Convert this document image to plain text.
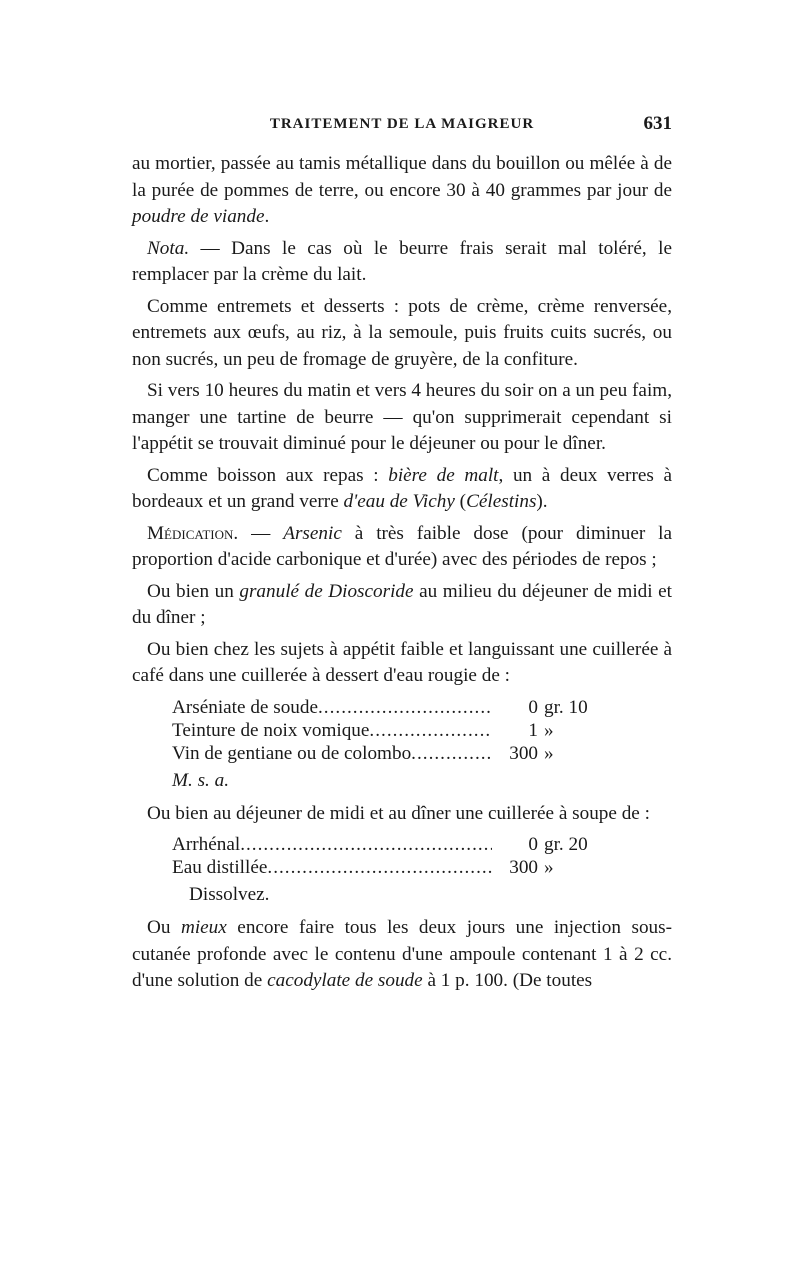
TRAITEMENT DE LA MAIGREUR	631

au mortier, passée au tamis métallique dans du bouillon ou mêlée à de la purée de pommes de terre, ou encore 30 à 40 grammes par jour de poudre de viande.

Nota. — Dans le cas où le beurre frais serait mal toléré, le remplacer par la crème du lait.

Comme entremets et desserts : pots de crème, crème renversée, entremets aux œufs, au riz, à la semoule, puis fruits cuits sucrés, ou non sucrés, un peu de fromage de gruyère, de la confiture.

Si vers 10 heures du matin et vers 4 heures du soir on a un peu faim, manger une tartine de beurre — qu'on supprimerait cependant si l'appétit se trouvait diminué pour le déjeuner ou pour le dîner.

Comme boisson aux repas : bière de malt, un à deux verres à bordeaux et un grand verre d'eau de Vichy (Célestins).

Médication. — Arsenic à très faible dose (pour diminuer la proportion d'acide carbonique et d'urée) avec des périodes de repos ;

Ou bien un granulé de Dioscoride au milieu du déjeuner de midi et du dîner ;

Ou bien chez les sujets à appétit faible et languissant une cuillerée à café dans une cuillerée à dessert d'eau rougie de :

Arséniate de soude .....	0 gr. 10
Teinture de noix vomique .....	1 »
Vin de gentiane ou de colombo .....	300 »
M. s. a.

Ou bien au déjeuner de midi et au dîner une cuillerée à soupe de :

Arrhénal .....	0 gr. 20
Eau distillée .....	300 »
Dissolvez.

Ou mieux encore faire tous les deux jours une injection sous-cutanée profonde avec le contenu d'une ampoule contenant 1 à 2 cc. d'une solution de cacodylate de soude à 1 p. 100. (De toutes
